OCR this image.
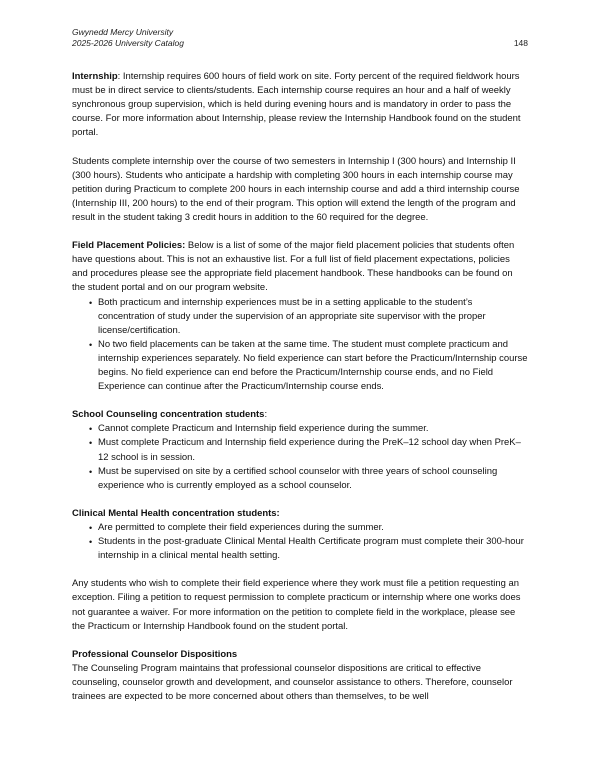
Gwynedd Mercy University
2025-2026 University Catalog	148

Internship: Internship requires 600 hours of field work on site. Forty percent of the required fieldwork hours must be in direct service to clients/students. Each internship course requires an hour and a half of weekly synchronous group supervision, which is held during evening hours and is mandatory in order to pass the course. For more information about Internship, please review the Internship Handbook found on the student portal.

Students complete internship over the course of two semesters in Internship I (300 hours) and Internship II (300 hours). Students who anticipate a hardship with completing 300 hours in each internship course may petition during Practicum to complete 200 hours in each internship course and add a third internship course (Internship III, 200 hours) to the end of their program. This option will extend the length of the program and result in the student taking 3 credit hours in addition to the 60 required for the degree.

Field Placement Policies: Below is a list of some of the major field placement policies that students often have questions about. This is not an exhaustive list. For a full list of field placement expectations, policies and procedures please see the appropriate field placement handbook. These handbooks can be found on the student portal and on our program website.

• Both practicum and internship experiences must be in a setting applicable to the student’s concentration of study under the supervision of an appropriate site supervisor with the proper license/certification.
• No two field placements can be taken at the same time. The student must complete practicum and internship experiences separately. No field experience can start before the Practicum/Internship course begins. No field experience can end before the Practicum/Internship course ends, and no Field Experience can continue after the Practicum/Internship course ends.

School Counseling concentration students:

• Cannot complete Practicum and Internship field experience during the summer.
• Must complete Practicum and Internship field experience during the PreK–12 school day when PreK–12 school is in session.
• Must be supervised on site by a certified school counselor with three years of school counseling experience who is currently employed as a school counselor.

Clinical Mental Health concentration students:

• Are permitted to complete their field experiences during the summer.
• Students in the post-graduate Clinical Mental Health Certificate program must complete their 300-hour internship in a clinical mental health setting.

Any students who wish to complete their field experience where they work must file a petition requesting an exception. Filing a petition to request permission to complete practicum or internship where one works does not guarantee a waiver. For more information on the petition to complete field in the workplace, please see the Practicum or Internship Handbook found on the student portal.

Professional Counselor Dispositions

The Counseling Program maintains that professional counselor dispositions are critical to effective counseling, counselor growth and development, and counselor assistance to others. Therefore, counselor trainees are expected to be more concerned about others than themselves, to be well
